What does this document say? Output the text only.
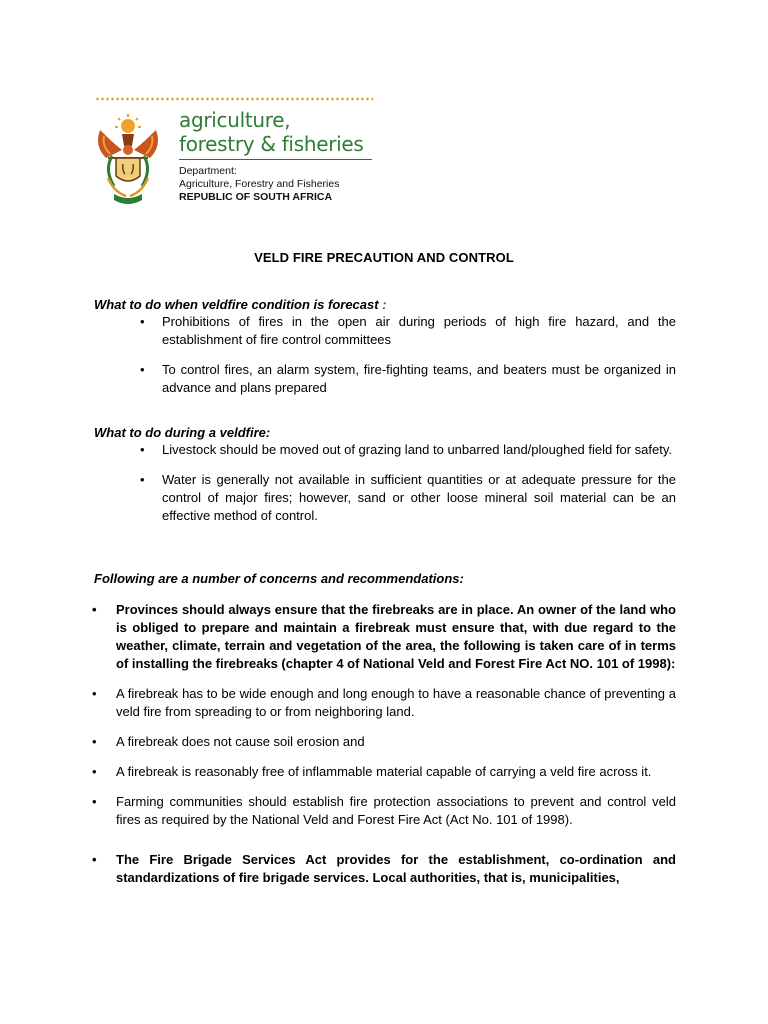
agriculture,
forestry & fisheries
Department:
Agriculture, Forestry and Fisheries
REPUBLIC OF SOUTH AFRICA
VELD FIRE PRECAUTION AND CONTROL
What to do when veldfire condition is forecast :
• Prohibitions of fires in the open air during periods of high fire hazard, and the establishment of fire control committees
• To control fires, an alarm system, fire-fighting teams, and beaters must be organized in advance and plans prepared
What to do during a veldfire:
• Livestock should be moved out of grazing land to unbarred land/ploughed field for safety.
• Water is generally not available in sufficient quantities or at adequate pressure for the control of major fires; however, sand or other loose mineral soil material can be an effective method of control.
Following are a number of concerns and recommendations:
• Provinces should always ensure that the firebreaks are in place. An owner of the land who is obliged to prepare and maintain a firebreak must ensure that, with due regard to the weather, climate, terrain and vegetation of the area, the following is taken care of in terms of installing the firebreaks (chapter 4 of National Veld and Forest Fire Act NO. 101 of 1998):
• A firebreak has to be wide enough and long enough to have a reasonable chance of preventing a veld fire from spreading to or from neighboring land.
• A firebreak does not cause soil erosion and
• A firebreak is reasonably free of inflammable material capable of carrying a veld fire across it.
• Farming communities should establish fire protection associations to prevent and control veld fires as required by the National Veld and Forest Fire Act (Act No. 101 of 1998).
• The Fire Brigade Services Act provides for the establishment, co-ordination and standardizations of fire brigade services. Local authorities, that is, municipalities,
